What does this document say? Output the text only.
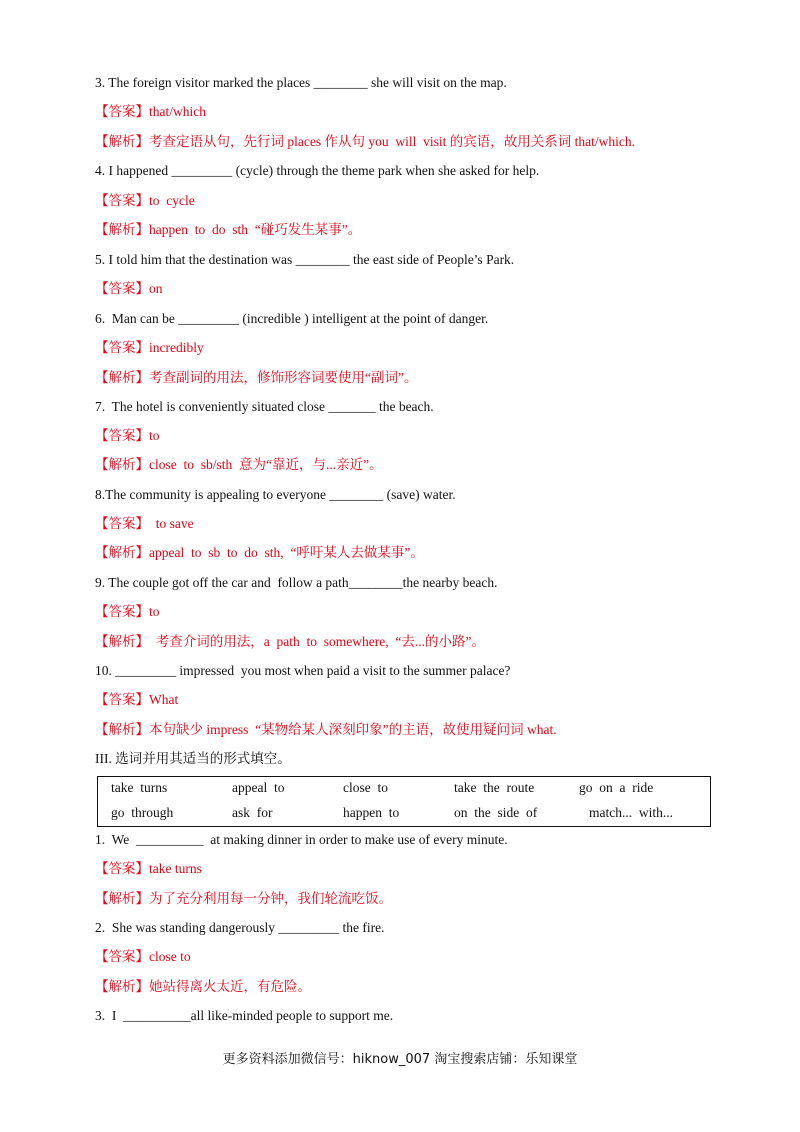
3. The foreign visitor marked the places ________ she will visit on the map.
【答案】that/which
【解析】考查定语从句，先行词 places 作从句 you  will  visit 的宾语，故用关系词 that/which.
4. I happened _________ (cycle) through the theme park when she asked for help.
【答案】to  cycle
【解析】happen  to  do  sth  “碰巧发生某事”。
5. I told him that the destination was ________ the east side of People’s Park.
【答案】on
6.  Man can be _________ (incredible ) intelligent at the point of danger.
【答案】incredibly
【解析】考查副词的用法，修饰形容词要使用“副词”。
7.  The hotel is conveniently situated close _______ the beach.
【答案】to
【解析】close  to  sb/sth  意为“靠近，与...亲近”。
8.The community is appealing to everyone ________ (save) water.
【答案】  to save
【解析】appeal  to  sb  to  do  sth,  “呼吁某人去做某事”。
9. The couple got off the car and  follow a path________the nearby beach.
【答案】to
【解析】  考查介词的用法，a  path  to  somewhere,  “去...的小路”。
10. _________ impressed  you most when paid a visit to the summer palace?
【答案】What
【解析】本句缺少 impress  “某物给某人深刻印象”的主语，故使用疑问词 what.
III. 选词并用其适当的形式填空。
take  turns	appeal  to	close  to	take  the  route	go  on  a  ride
go  through	ask  for	happen  to	on  the  side  of	match...  with...
1.  We  __________  at making dinner in order to make use of every minute.
【答案】take turns
【解析】为了充分利用每一分钟，我们轮流吃饭。
2.  She was standing dangerously _________ the fire.
【答案】close to
【解析】她站得离火太近，有危险。
3.  I  __________all like-minded people to support me.
更多资料添加微信号：hiknow_007 淘宝搜索店铺：乐知课堂
